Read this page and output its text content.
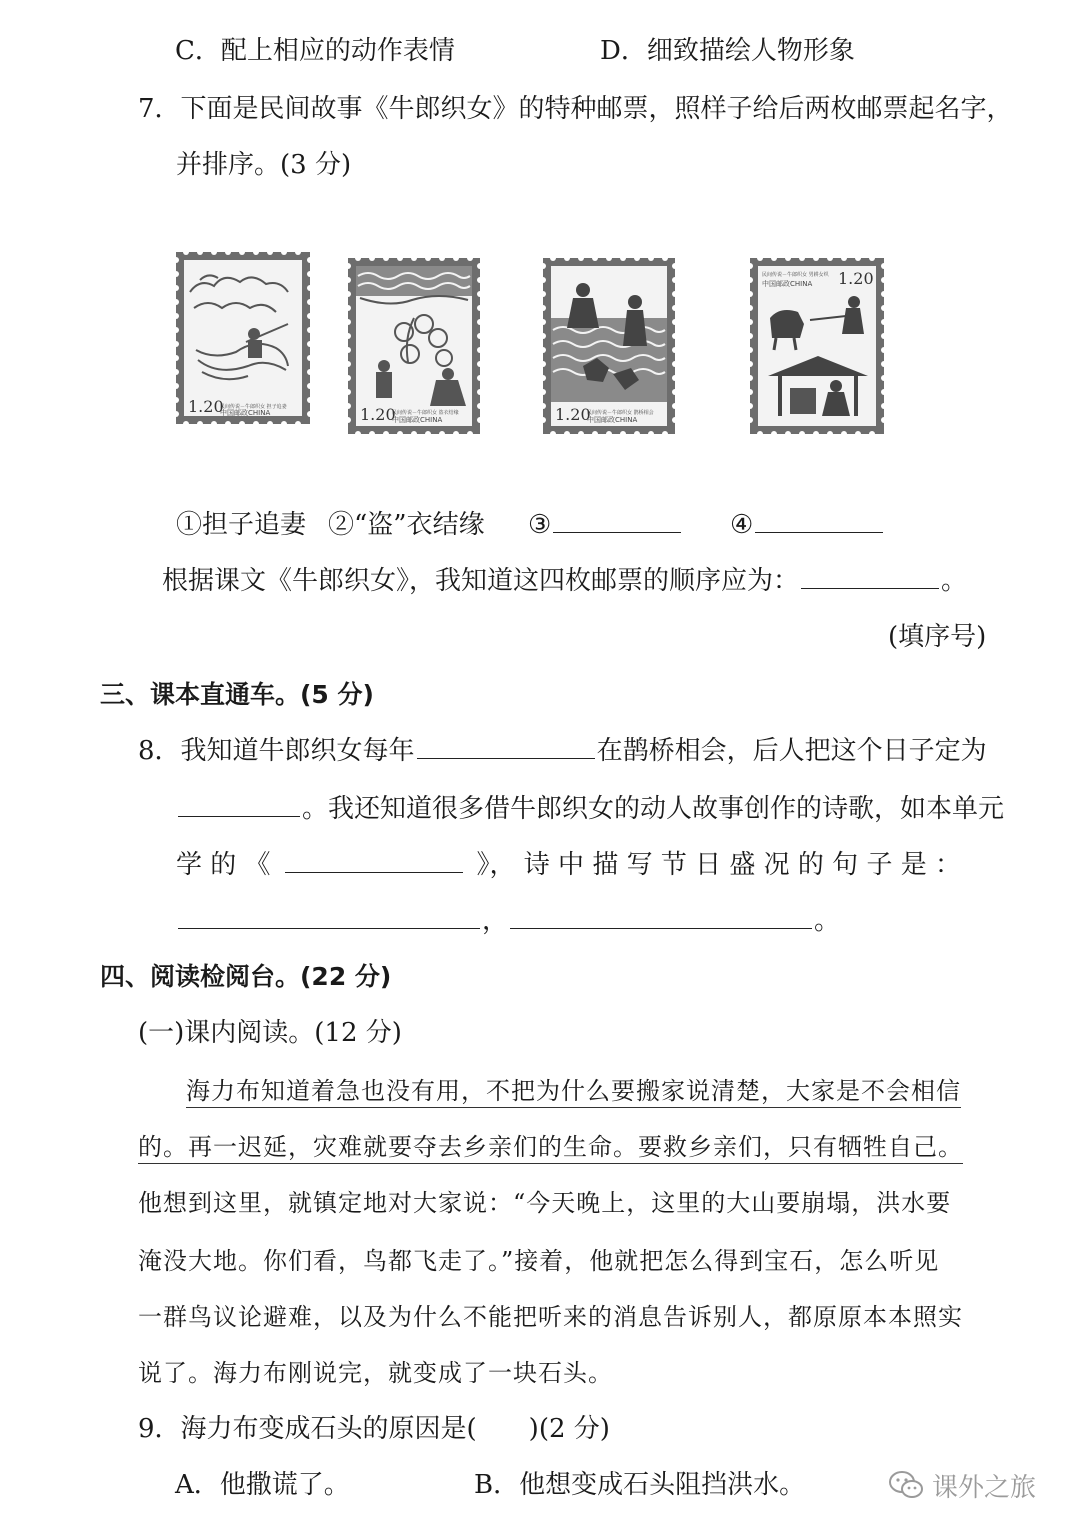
C．配上相应的动作表情	D．细致描绘人物形象
7．下面是民间故事《牛郎织女》的特种邮票，照样子给后两枚邮票起名字，
并排序。(3 分)
1.20
民间传说－牛郎织女 担子追妻
中国邮政CHINA	1.20
民间传说－牛郎织女 盗衣结缘
中国邮政CHINA	1.20
民间传说－牛郎织女 鹊桥相会
中国邮政CHINA
民间传说－牛郎织女 男耕女织
中国邮政CHINA 1.20
①担子追妻 ②“盗”衣结缘 ③	④
根据课文《牛郎织女》，我知道这四枚邮票的顺序应为：	。
(填序号)
三、课本直通车。(5 分)
8．我知道牛郎织女每年	在鹊桥相会，后人把这个日子定为
。我还知道很多借牛郎织女的动人故事创作的诗歌，如本单元
学 的 《	》， 诗 中 描 写 节 日 盛 况 的 句 子 是 ：
，	。
四、阅读检阅台。(22 分)
(一)课内阅读。(12 分)
海力布知道着急也没有用，不把为什么要搬家说清楚，大家是不会相信
的。再一迟延，灾难就要夺去乡亲们的生命。要救乡亲们，只有牺牲自己。
他想到这里，就镇定地对大家说：“今天晚上，这里的大山要崩塌，洪水要
淹没大地。你们看，鸟都飞走了。”接着，他就把怎么得到宝石，怎么听见
一群鸟议论避难，以及为什么不能把听来的消息告诉别人，都原原本本照实
说了。海力布刚说完，就变成了一块石头。
9．海力布变成石头的原因是(　　)(2 分)
A．他撒谎了。	B．他想变成石头阻挡洪水。	课外之旅
